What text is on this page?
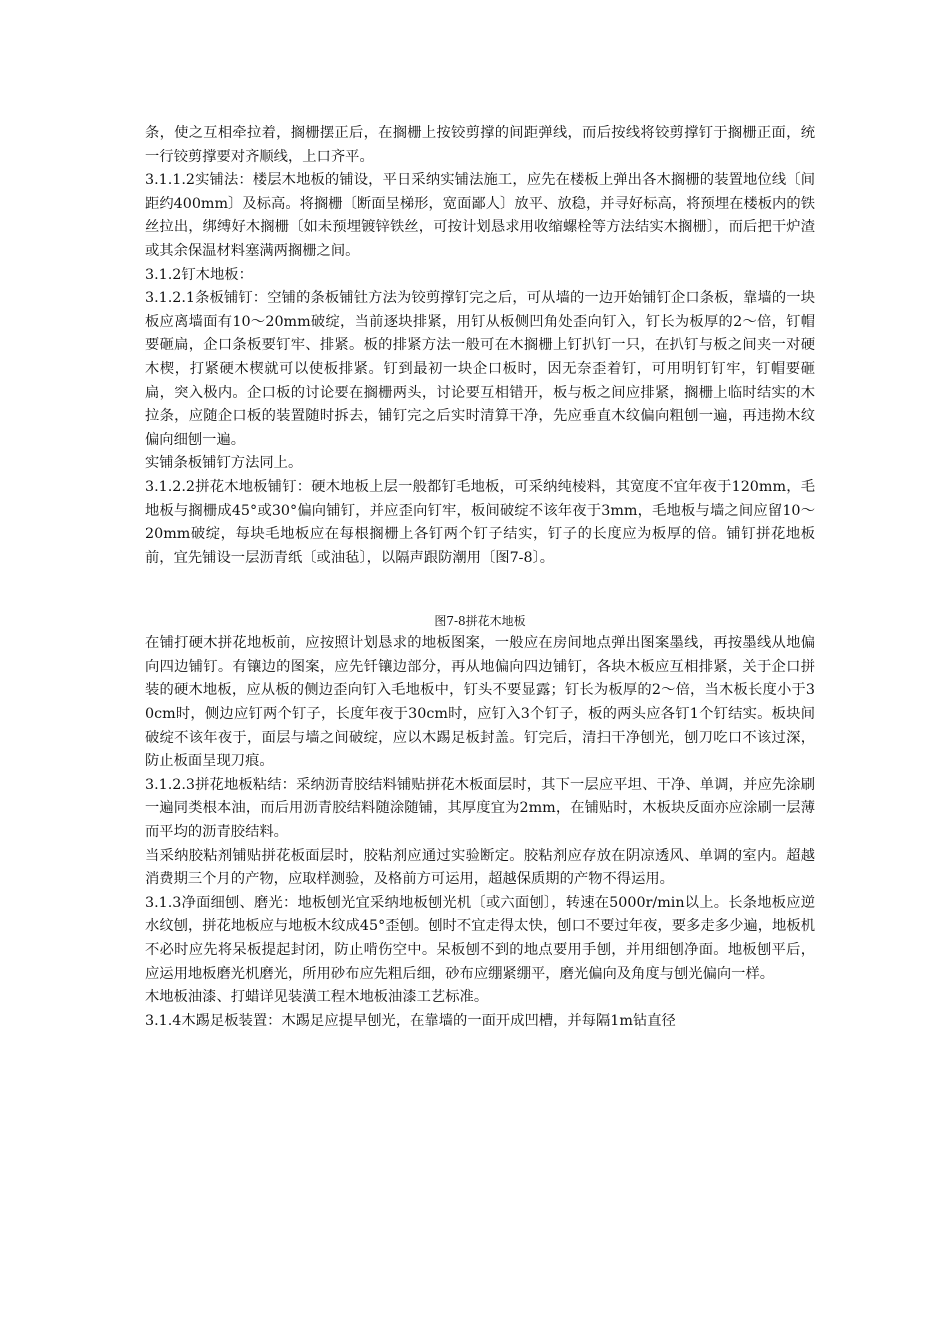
条，使之互相牵拉着，搁栅摆正后，在搁栅上按铰剪撑的间距弹线，而后按线将铰剪撑钉于搁栅正面，统一行铰剪撑要对齐顺线，上口齐平。

3.1.1.2实铺法：楼层木地板的铺设，平日采纳实铺法施工，应先在楼板上弹出各木搁栅的装置地位线〔间距约400mm〕及标高。将搁栅〔断面呈梯形，宽面鄙人〕放平、放稳，并寻好标高，将预埋在楼板内的铁丝拉出，绑缚好木搁栅〔如未预埋镀锌铁丝，可按计划恳求用收缩螺栓等方法结实木搁栅〕，而后把干炉渣或其余保温材料塞满两搁栅之间。

3.1.2钉木地板：

3.1.2.1条板铺钉：空铺的条板铺钍方法为铰剪撑钉完之后，可从墙的一边开始铺钉企口条板，靠墙的一块板应离墙面有10～20mm破绽，当前逐块排紧，用钉从板侧凹角处歪向钉入，钉长为板厚的2～倍，钉帽要砸扁，企口条板要钉牢、排紧。板的排紧方法一般可在木搁栅上钉扒钉一只，在扒钉与板之间夹一对硬木楔，打紧硬木楔就可以使板排紧。钉到最初一块企口板时，因无奈歪着钉，可用明钉钉牢，钉帽要砸扁，突入极内。企口板的讨论要在搁栅两头，讨论要互相错开，板与板之间应排紧，搁栅上临时结实的木拉条，应随企口板的装置随时拆去，铺钉完之后实时清算干净，先应垂直木纹偏向粗刨一遍，再违拗木纹偏向细刨一遍。

实铺条板铺钉方法同上。

3.1.2.2拼花木地板铺钉：硬木地板上层一般都钉毛地板，可采纳纯棱料，其宽度不宜年夜于120mm，毛地板与搁栅成45°或30°偏向铺钉，并应歪向钉牢，板间破绽不该年夜于3mm，毛地板与墙之间应留10～20mm破绽，每块毛地板应在每根搁栅上各钉两个钉子结实，钉子的长度应为板厚的倍。铺钉拼花地板前，宜先铺设一层沥青纸〔或油毡〕，以隔声跟防潮用〔图7-8〕。

图7-8拼花木地板

在铺打硬木拼花地板前，应按照计划恳求的地板图案，一般应在房间地点弹出图案墨线，再按墨线从地偏向四边铺钉。有镶边的图案，应先钎镶边部分，再从地偏向四边铺钉，各块木板应互相排紧，关于企口拼装的硬木地板，应从板的侧边歪向钉入毛地板中，钉头不要显露；钉长为板厚的2～倍，当木板长度小于30cm时，侧边应钉两个钉子，长度年夜于30cm时，应钉入3个钉子，板的两头应各钉1个钉结实。板块间破绽不该年夜于，面层与墙之间破绽，应以木踢足板封盖。钉完后，清扫干净刨光，刨刀吃口不该过深，防止板面呈现刀痕。

3.1.2.3拼花地板粘结：采纳沥青胶结料铺贴拼花木板面层时，其下一层应平坦、干净、单调，并应先涂刷一遍同类根本油，而后用沥青胶结料随涂随铺，其厚度宜为2mm，在铺贴时，木板块反面亦应涂刷一层薄而平均的沥青胶结料。

当采纳胶粘剂铺贴拼花板面层时，胶粘剂应通过实验断定。胶粘剂应存放在阴凉透风、单调的室内。超越消费期三个月的产物，应取样测验，及格前方可运用，超越保质期的产物不得运用。

3.1.3净面细刨、磨光：地板刨光宜采纳地板刨光机〔或六面刨〕，转速在5000r/min以上。长条地板应逆水纹刨，拼花地板应与地板木纹成45°歪刨。刨时不宜走得太快，刨口不要过年夜，要多走多少遍，地板机不必时应先将呆板提起封闭，防止啃伤空中。呆板刨不到的地点要用手刨，并用细刨净面。地板刨平后，应运用地板磨光机磨光，所用砂布应先粗后细，砂布应绷紧绷平，磨光偏向及角度与刨光偏向一样。

木地板油漆、打蜡详见装潢工程木地板油漆工艺标准。

3.1.4木踢足板装置：木踢足应提早刨光，在靠墙的一面开成凹槽，并每隔1m钻直径
